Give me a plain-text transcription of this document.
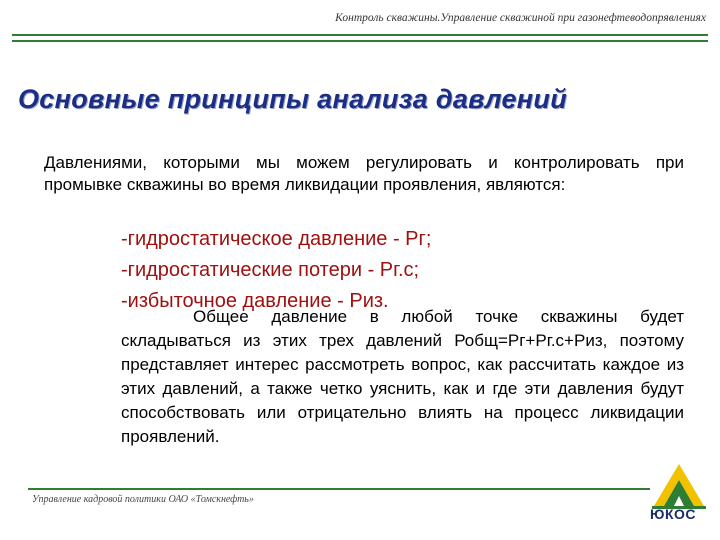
Контроль скважины.Управление скважиной при газонефтеводопрявлениях
Основные принципы анализа давлений
Давлениями, которыми мы можем регулировать и контролировать при промывке скважины во время ликвидации проявления, являются:
-гидростатическое давление - Рг;
-гидростатические потери - Рг.с;
-избыточное давление - Риз.
Общее давление в любой точке скважины будет складываться из этих трех давлений Робщ=Рг+Рг.с+Риз, поэтому представляет интерес рассмотреть вопрос, как рассчитать каждое из этих давлений, а также четко уяснить, как и где эти давления будут способствовать или отрицательно влиять на процесс ликвидации проявлений.
Управление кадровой политики ОАО «Томскнефть»
ЮКОС
